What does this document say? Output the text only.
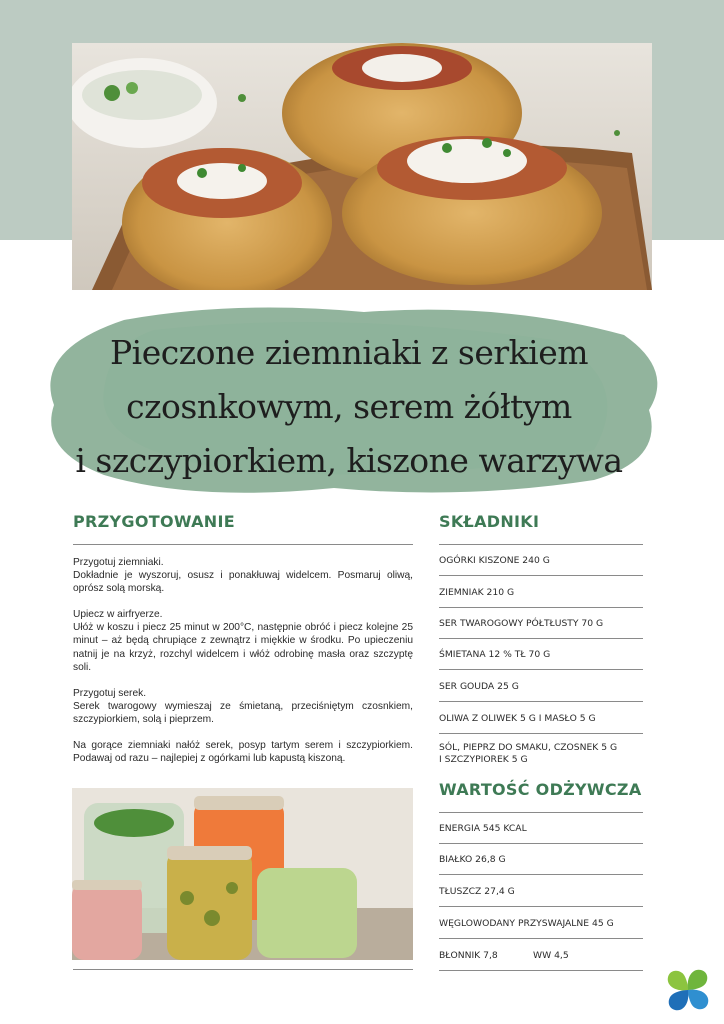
Pieczone ziemniaki z serkiem
czosnkowym, serem żółtym
i szczypiorkiem, kiszone warzywa
PRZYGOTOWANIE

Przygotuj ziemniaki.
Dokładnie je wyszoruj, osusz i ponakłuwaj widelcem. Posmaruj oliwą, oprósz solą morską.

Upiecz w airfryerze.
Ułóż w koszu i piecz 25 minut w 200°C, następnie obróć i piecz kolejne 25 minut – aż będą chrupiące z zewnątrz i miękkie w środku. Po upieczeniu natnij je na krzyż, rozchyl widelcem i włóż odrobinę masła oraz szczyptę soli.

Przygotuj serek.
Serek twarogowy wymieszaj ze śmietaną, przeciśniętym czosnkiem, szczypiorkiem, solą i pieprzem.

Na gorące ziemniaki nałóż serek, posyp tartym serem i szczypiorkiem. Podawaj od razu – najlepiej z ogórkami lub kapustą kiszoną.

SKŁADNIKI
OGÓRKI KISZONE 240 G
ZIEMNIAK 210 G
SER TWAROGOWY PÓŁTŁUSTY 70 G
ŚMIETANA 12 % TŁ 70 G
SER GOUDA 25 G
OLIWA Z OLIWEK 5 G I MASŁO 5 G
SÓL, PIEPRZ DO SMAKU, CZOSNEK 5 G
I SZCZYPIOREK 5 G
WARTOŚĆ ODŻYWCZA
ENERGIA 545 KCAL
BIAŁKO 26,8 G
TŁUSZCZ 27,4 G
WĘGLOWODANY PRZYSWAJALNE 45 G
BŁONNIK 7,8	WW 4,5
